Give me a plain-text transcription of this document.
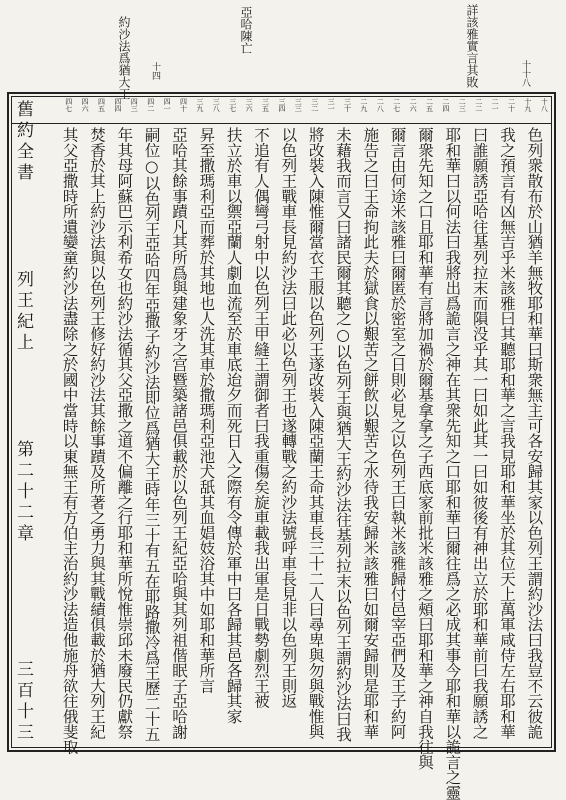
詳該雅實言其敗	十十八
亞哈陳亡
約沙法爲猶大王 十四
十八
十九
二十
二一
二二
二三
二四
二五
二六
二七
二八
二九
三十
三一
三二
三三
三四
三五
三六
三七
三八
三九
四十
四一
四二
四三
四四
四五
四六
四七
色列衆散布於山猶羊無牧耶和華曰斯衆無主可各安歸其家以色列王謂約沙法曰我豈不云彼詭
我之預言有凶無吉乎米該雅曰其聽耶和華之言我見耶和華坐於其位天上萬軍咸侍左右耶和華
曰誰願誘亞哈往基列拉末而隕没乎其一曰如此其一曰如彼後有神出立於耶和華前曰我願誘之
耶和華曰以何法曰我將出爲詭言之神在其衆先知之口耶和華曰爾往爲之必成其事今耶和華以詭言之靈
爾衆先知之口且耶和華有言將加禍於爾基拿拿之子西底家前批米該雅之頰曰耶和華之神自我往與
爾言由何途米該雅曰爾匿於密室之日則必見之以色列王曰執米該雅歸付邑宰亞們及王子約阿
施告之曰王命拘此夫於獄食以艱苦之餅飲以艱苦之水待我安歸米該雅曰如爾安歸則是耶和華
未藉我而言又曰諸民爾其聽之○以色列王與猶大王約沙法往基列拉末以色列王謂約沙法曰我
將改裝入陳惟爾當衣王服以色列王遂改裝入陳亞蘭王命其車長三十二人曰尋卑與勿與戰惟與
以色列王戰車長見約沙法曰此必以色列王也遂轉戰之約沙法號呼車長見非以色列王則返
不追有人偶彎弓射中以色列王甲縫王謂御者曰我重傷矣旋車載我出軍是日戰勢劇烈王被
扶立於車以禦亞蘭人劇血流至於車底迨夕而死日入之際有令傳於軍中曰各歸其邑各歸其家
昇至撒瑪利亞而葬於其地也人洗其車於撒瑪利亞池犬舐其血娼妓浴其中如耶和華所言
亞哈其餘事蹟凡其所爲與建象牙之宫暨築諸邑俱載於以色列王紀亞哈與其列祖偕眠子亞哈謝
嗣位○以色列王亞哈四年亞撒子約沙法即位爲猶大王時年三十有五在耶路撒冷爲王歷二十五
年其母阿蘇巴示利希女也約沙法循其父亞撒之道不偏離之行耶和華所悅惟崇邱未廢民仍獻祭
焚香於其上約沙法與以色列王修好約沙法其餘事蹟及所著之勇力與其戰績俱載於猶大列王紀
其父亞撒時所遺孌童約沙法盡除之於國中當時以東無王有方伯主治約沙法造他施舟欲往俄斐取
舊約全書
列王紀上
第二十二章
三百十三
